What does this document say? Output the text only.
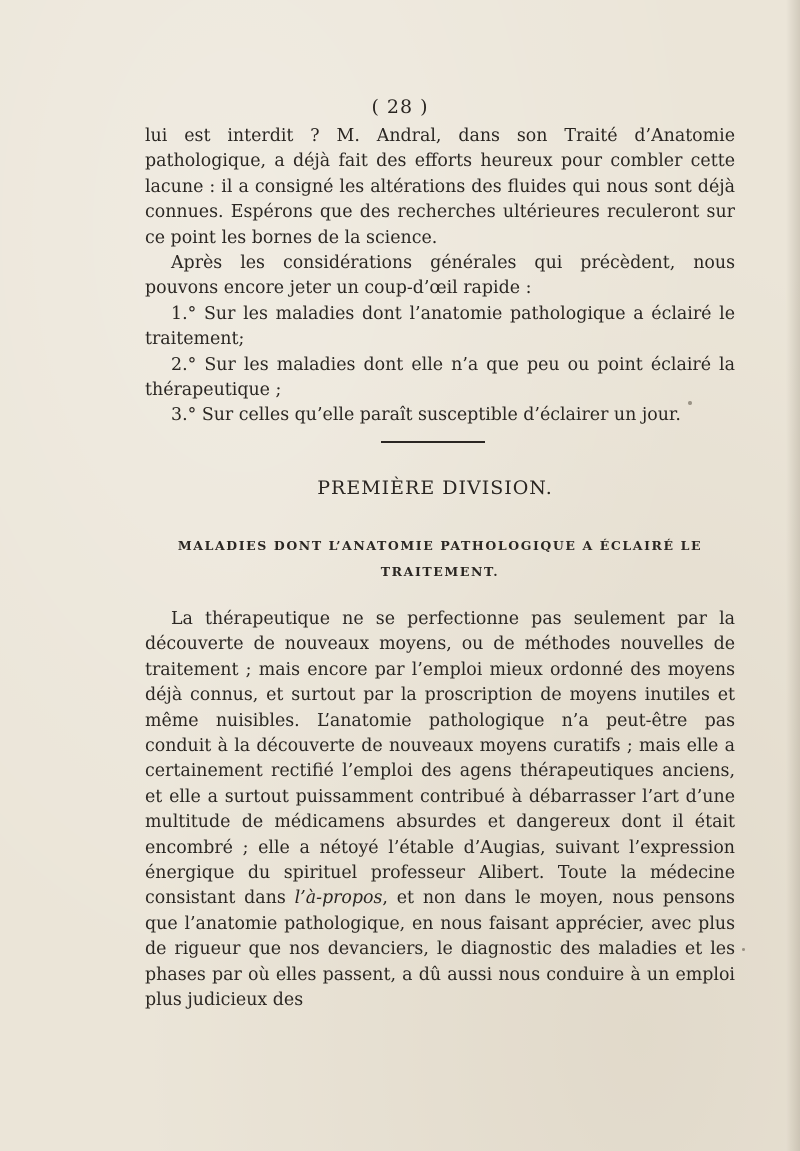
( 28 )

lui est interdit ? M. Andral, dans son Traité d’Anatomie pathologique, a déjà fait des efforts heureux pour combler cette lacune : il a consigné les altérations des fluides qui nous sont déjà connues. Espérons que des recherches ultérieures reculeront sur ce point les bornes de la science.

Après les considérations générales qui précèdent, nous pouvons encore jeter un coup-d’œil rapide :

1.° Sur les maladies dont l’anatomie pathologique a éclairé le traitement;

2.° Sur les maladies dont elle n’a que peu ou point éclairé la thérapeutique ;

3.° Sur celles qu’elle paraît susceptible d’éclairer un jour.

PREMIÈRE DIVISION.
MALADIES DONT L’ANATOMIE PATHOLOGIQUE A ÉCLAIRÉ LE TRAITEMENT.

La thérapeutique ne se perfectionne pas seulement par la découverte de nouveaux moyens, ou de méthodes nouvelles de traitement ; mais encore par l’emploi mieux ordonné des moyens déjà connus, et surtout par la proscription de moyens inutiles et même nuisibles. L’anatomie pathologique n’a peut-être pas conduit à la découverte de nouveaux moyens curatifs ; mais elle a certainement rectifié l’emploi des agens thérapeutiques anciens, et elle a surtout puissamment contribué à débarrasser l’art d’une multitude de médicamens absurdes et dangereux dont il était encombré ; elle a nétoyé l’étable d’Augias, suivant l’expression énergique du spirituel professeur Alibert. Toute la médecine consistant dans l’à-propos, et non dans le moyen, nous pensons que l’anatomie pathologique, en nous faisant apprécier, avec plus de rigueur que nos devanciers, le diagnostic des maladies et les phases par où elles passent, a dû aussi nous conduire à un emploi plus judicieux des
